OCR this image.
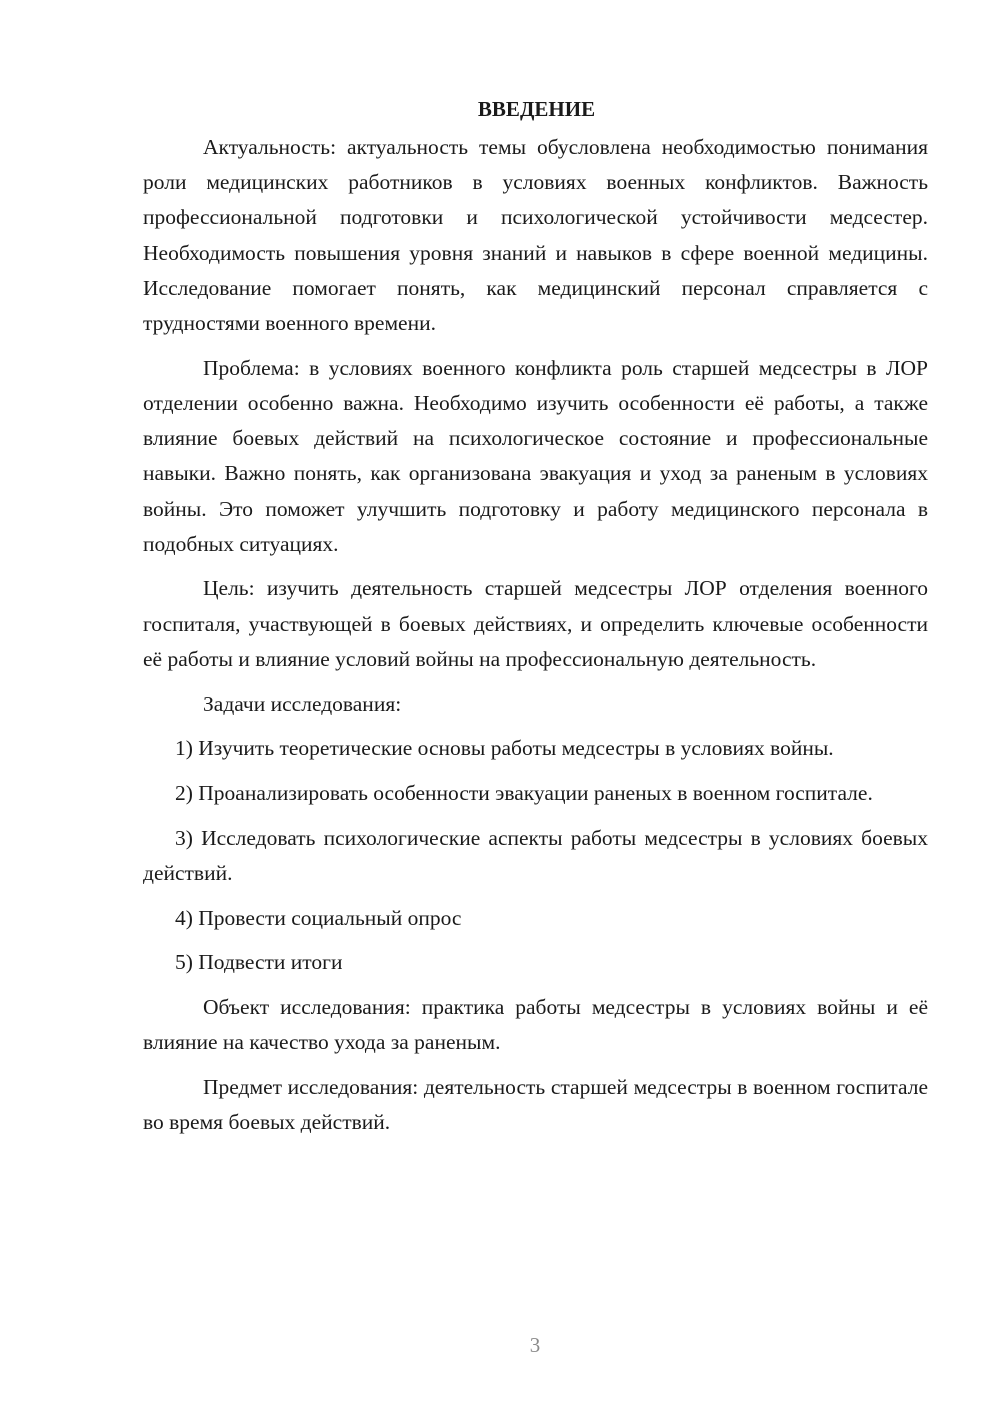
ВВЕДЕНИЕ

Актуальность: актуальность темы обусловлена необходимостью понимания роли медицинских работников в условиях военных конфликтов. Важность профессиональной подготовки и психологической устойчивости медсестер. Необходимость повышения уровня знаний и навыков в сфере военной медицины. Исследование помогает понять, как медицинский персонал справляется с трудностями военного времени.

Проблема: в условиях военного конфликта роль старшей медсестры в ЛОР отделении особенно важна. Необходимо изучить особенности её работы, а также влияние боевых действий на психологическое состояние и профессиональные навыки. Важно понять, как организована эвакуация и уход за раненым в условиях войны. Это поможет улучшить подготовку и работу медицинского персонала в подобных ситуациях.

Цель: изучить деятельность старшей медсестры ЛОР отделения военного госпиталя, участвующей в боевых действиях, и определить ключевые особенности её работы и влияние условий войны на профессиональную деятельность.

Задачи исследования:

1) Изучить теоретические основы работы медсестры в условиях войны.

2) Проанализировать особенности эвакуации раненых в военном госпитале.

3) Исследовать психологические аспекты работы медсестры в условиях боевых действий.

4) Провести социальный опрос

5) Подвести итоги

Объект исследования: практика работы медсестры в условиях войны и её влияние на качество ухода за раненым.

Предмет исследования: деятельность старшей медсестры в военном госпитале во время боевых действий.

3
